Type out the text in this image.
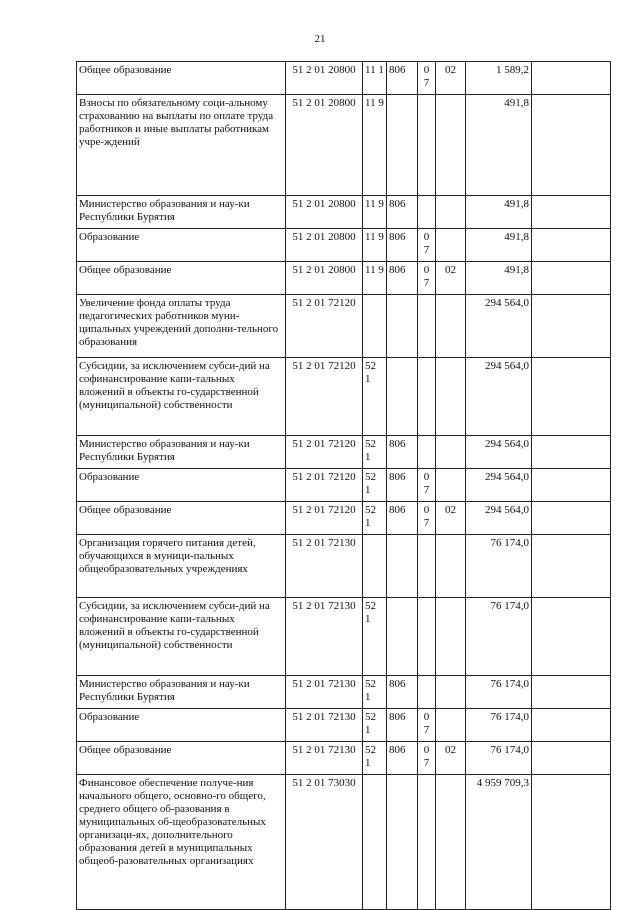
21
Общее образование	51 2 01 20800	11 1	806	0 7	02	1 589,2	
Взносы по обязательному соци-альному страхованию на выплаты по оплате труда работников и иные выплаты работникам учре-ждений	51 2 01 20800	11 9				491,8	
Министерство образования и нау-ки Республики Бурятия	51 2 01 20800	11 9	806			491,8	
Образование	51 2 01 20800	11 9	806	0 7		491,8	
Общее образование	51 2 01 20800	11 9	806	0 7	02	491,8	
Увеличение фонда оплаты труда педагогических работников муни-ципальных учреждений дополни-тельного образования	51 2 01 72120					294 564,0	
Субсидии, за исключением субси-дий на софинансирование капи-тальных вложений в объекты го-сударственной (муниципальной) собственности	51 2 01 72120	52 1				294 564,0	
Министерство образования и нау-ки Республики Бурятия	51 2 01 72120	52 1	806			294 564,0	
Образование	51 2 01 72120	52 1	806	0 7		294 564,0	
Общее образование	51 2 01 72120	52 1	806	0 7	02	294 564,0	
Организация горячего питания детей, обучающихся в муници-пальных общеобразовательных учреждениях	51 2 01 72130					76 174,0	
Субсидии, за исключением субси-дий на софинансирование капи-тальных вложений в объекты го-сударственной (муниципальной) собственности	51 2 01 72130	52 1				76 174,0	
Министерство образования и нау-ки Республики Бурятия	51 2 01 72130	52 1	806			76 174,0	
Образование	51 2 01 72130	52 1	806	0 7		76 174,0	
Общее образование	51 2 01 72130	52 1	806	0 7	02	76 174,0	
Финансовое обеспечение получе-ния начального общего, основно-го общего, среднего общего об-разования в муниципальных об-щеобразовательных организаци-ях, дополнительного образования детей в муниципальных общеоб-разовательных организациях	51 2 01 73030					4 959 709,3	
